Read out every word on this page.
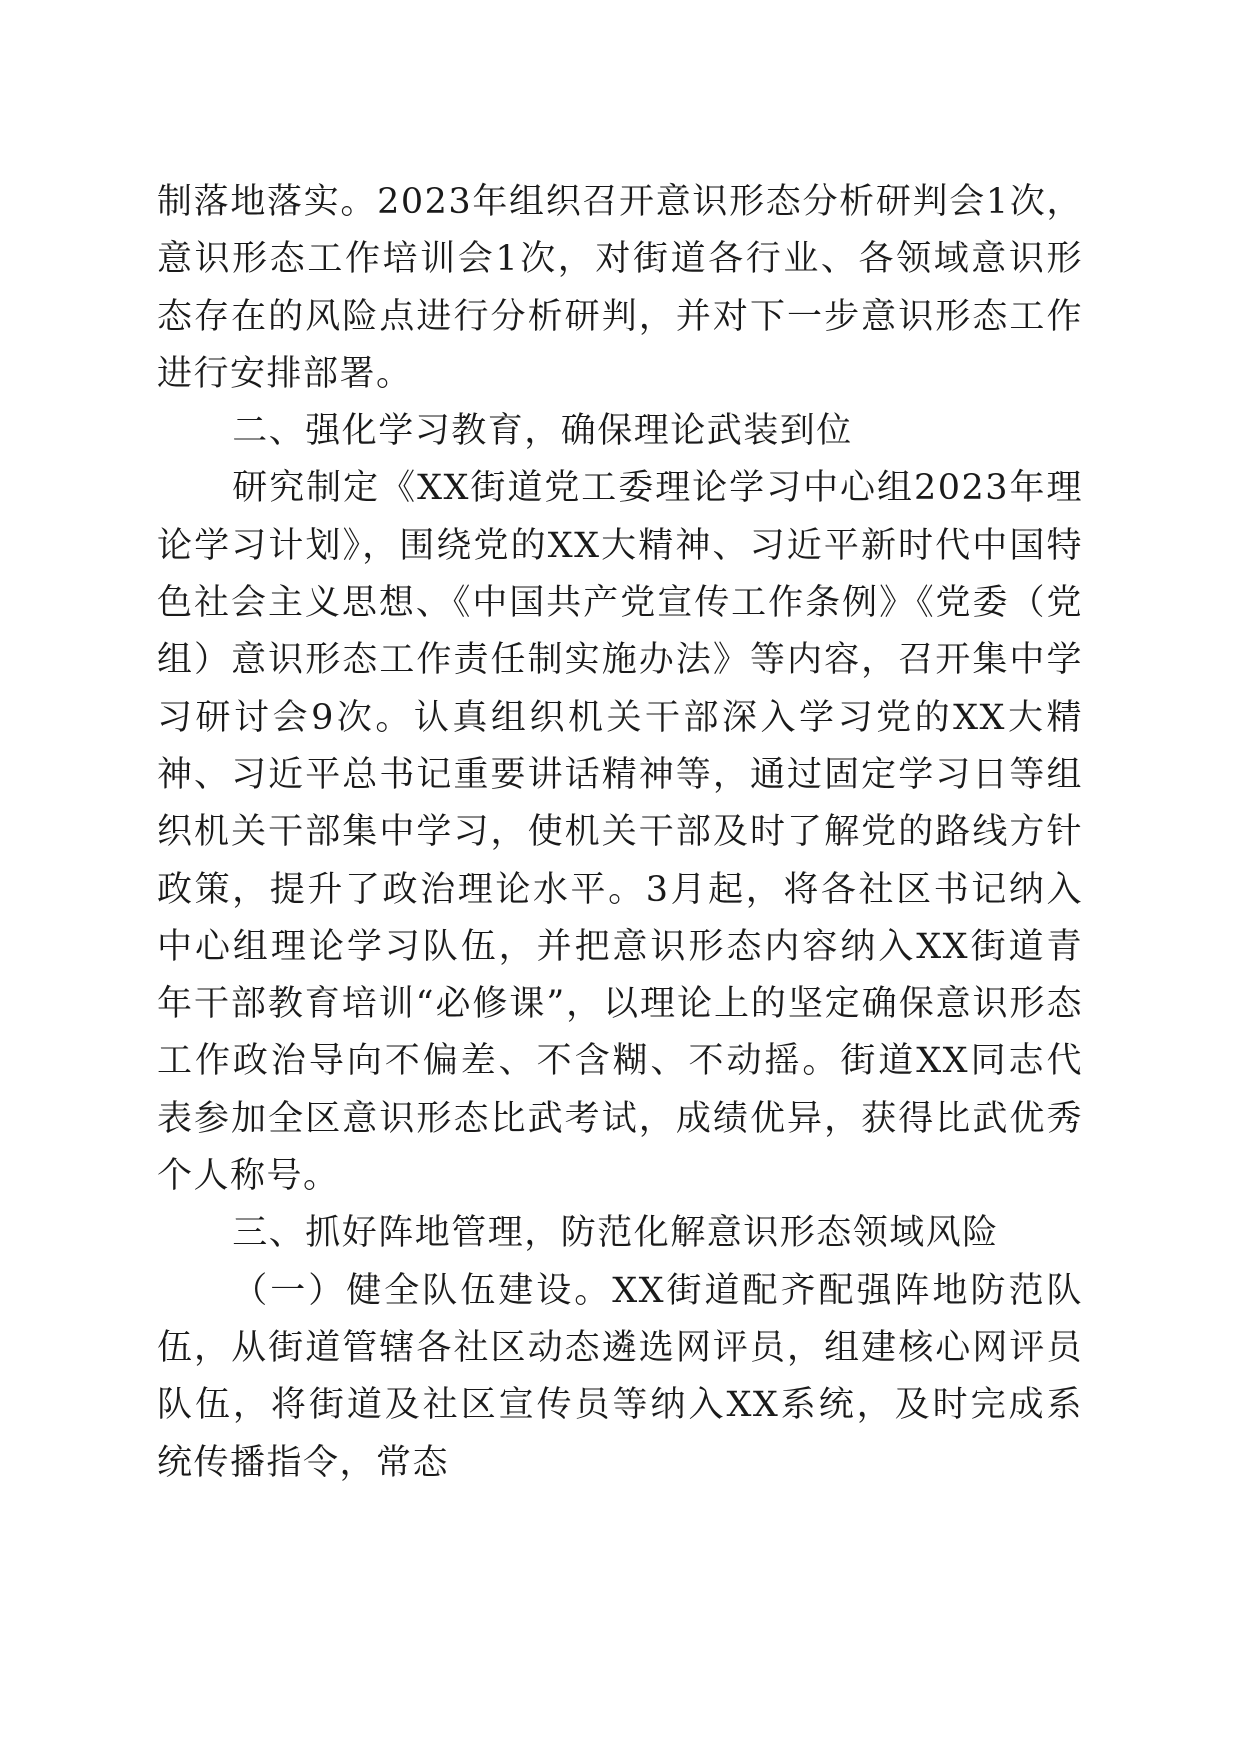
制落地落实。2023年组织召开意识形态分析研判会1次，意识形态工作培训会1次，对街道各行业、各领域意识形态存在的风险点进行分析研判，并对下一步意识形态工作进行安排部署。

二、强化学习教育，确保理论武装到位

研究制定《XX街道党工委理论学习中心组2023年理论学习计划》，围绕党的XX大精神、习近平新时代中国特色社会主义思想、《中国共产党宣传工作条例》《党委（党组）意识形态工作责任制实施办法》等内容，召开集中学习研讨会9次。认真组织机关干部深入学习党的XX大精神、习近平总书记重要讲话精神等，通过固定学习日等组织机关干部集中学习，使机关干部及时了解党的路线方针政策，提升了政治理论水平。3月起，将各社区书记纳入中心组理论学习队伍，并把意识形态内容纳入XX街道青年干部教育培训“必修课”，以理论上的坚定确保意识形态工作政治导向不偏差、不含糊、不动摇。街道XX同志代表参加全区意识形态比武考试，成绩优异，获得比武优秀个人称号。

三、抓好阵地管理，防范化解意识形态领域风险

（一）健全队伍建设。XX街道配齐配强阵地防范队伍，从街道管辖各社区动态遴选网评员，组建核心网评员队伍，将街道及社区宣传员等纳入XX系统，及时完成系统传播指令，常态
